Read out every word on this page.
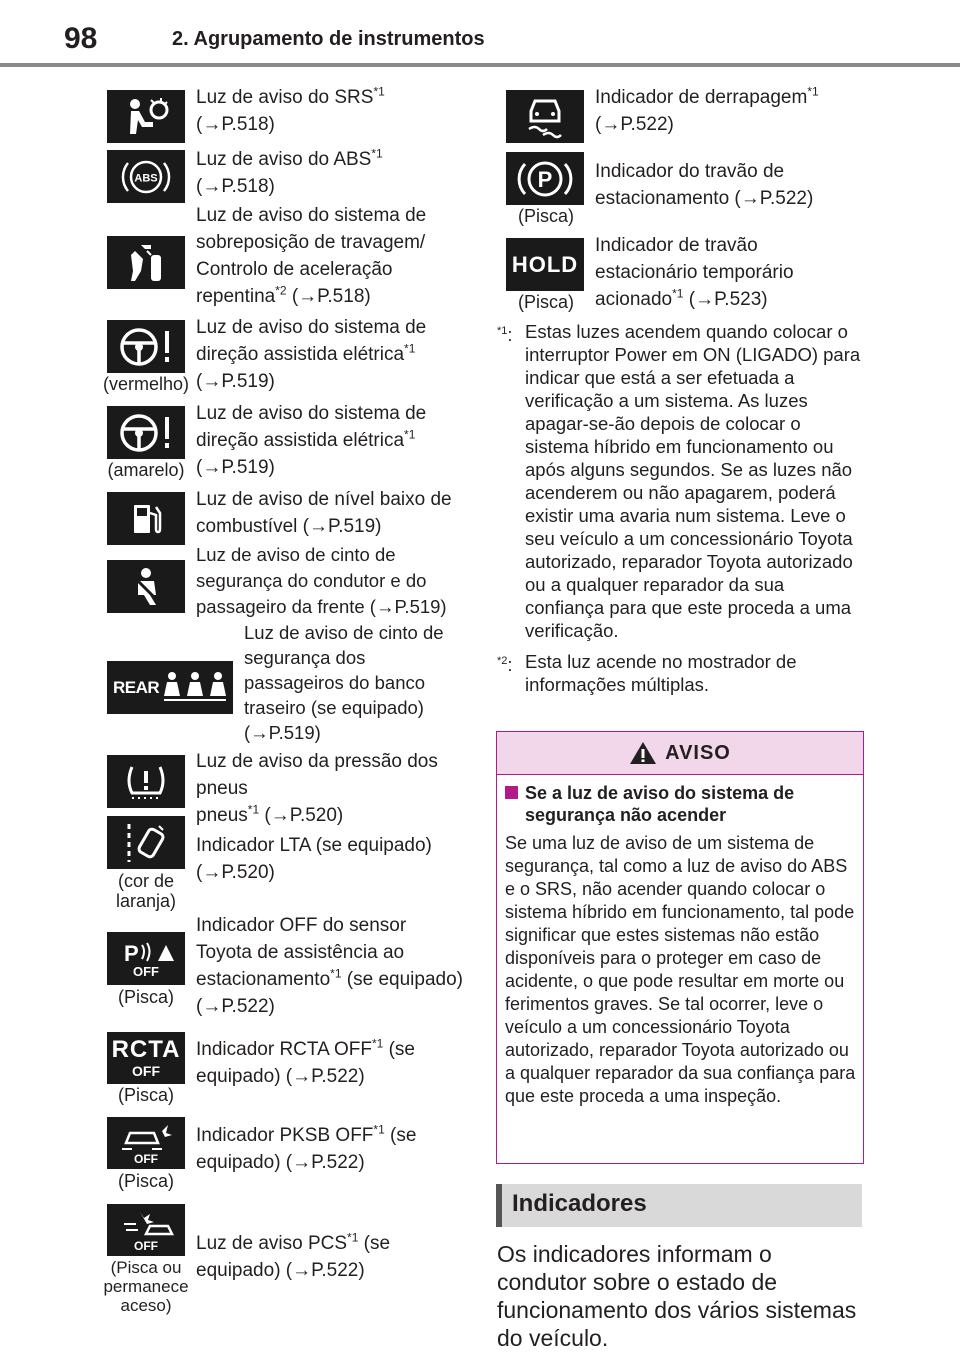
98	2. Agrupamento de instrumentos
Luz de aviso do SRS$^{*1}$
(→P.518)
ABS
Luz de aviso do ABS$^{*1}$
(→P.518)
Luz de aviso do sistema de sobreposição de travagem/ Controlo de aceleração repentina$^{*2}$ (→P.518)
(vermelho)
Luz de aviso do sistema de direção assistida elétrica$^{*1}$ (→P.519)
(amarelo)
Luz de aviso do sistema de direção assistida elétrica$^{*1}$ (→P.519)
Luz de aviso de nível baixo de combustível (→P.519)
Luz de aviso de cinto de segurança do condutor e do passageiro da frente (→P.519)
REAR
Luz de aviso de cinto de segurança dos passageiros do banco traseiro (se equipado) (→P.519)
Luz de aviso da pressão dos pneus
pneus$^{*1}$ (→P.520)
(cor de laranja)
Indicador LTA (se equipado) (→P.520)
P
OFF
(Pisca)
Indicador OFF do sensor Toyota de assistência ao estacionamento$^{*1}$ (se equipado) (→P.522)
RCTA
OFF
(Pisca)
Indicador RCTA OFF$^{*1}$ (se equipado) (→P.522)
OFF
(Pisca)
Indicador PKSB OFF$^{*1}$ (se equipado) (→P.522)
OFF
(Pisca ou permanece aceso)
Luz de aviso PCS$^{*1}$ (se equipado) (→P.522)
Indicador de derrapagem$^{*1}$
(→P.522)
P
(Pisca)
Indicador do travão de estacionamento (→P.522)
HOLD
(Pisca)
Indicador de travão estacionário temporário acionado$^{*1}$ (→P.523)
$^{*1}$: Estas luzes acendem quando colocar o interruptor Power em ON (LIGADO) para indicar que está a ser efetuada a verificação a um sistema. As luzes apagar-se-ão depois de colocar o sistema híbrido em funcionamento ou após alguns segundos. Se as luzes não acenderem ou não apagarem, poderá existir uma avaria num sistema. Leve o seu veículo a um concessionário Toyota autorizado, reparador Toyota autorizado ou a qualquer reparador da sua confiança para que este proceda a uma verificação.
$^{*2}$: Esta luz acende no mostrador de informações múltiplas.
AVISO
Se a luz de aviso do sistema de segurança não acender
Se uma luz de aviso de um sistema de segurança, tal como a luz de aviso do ABS e o SRS, não acender quando colocar o sistema híbrido em funcionamento, tal pode significar que estes sistemas não estão disponíveis para o proteger em caso de acidente, o que pode resultar em morte ou ferimentos graves. Se tal ocorrer, leve o veículo a um concessionário Toyota autorizado, reparador Toyota autorizado ou a qualquer reparador da sua confiança para que este proceda a uma inspeção.
Indicadores
Os indicadores informam o condutor sobre o estado de funcionamento dos vários sistemas do veículo.
